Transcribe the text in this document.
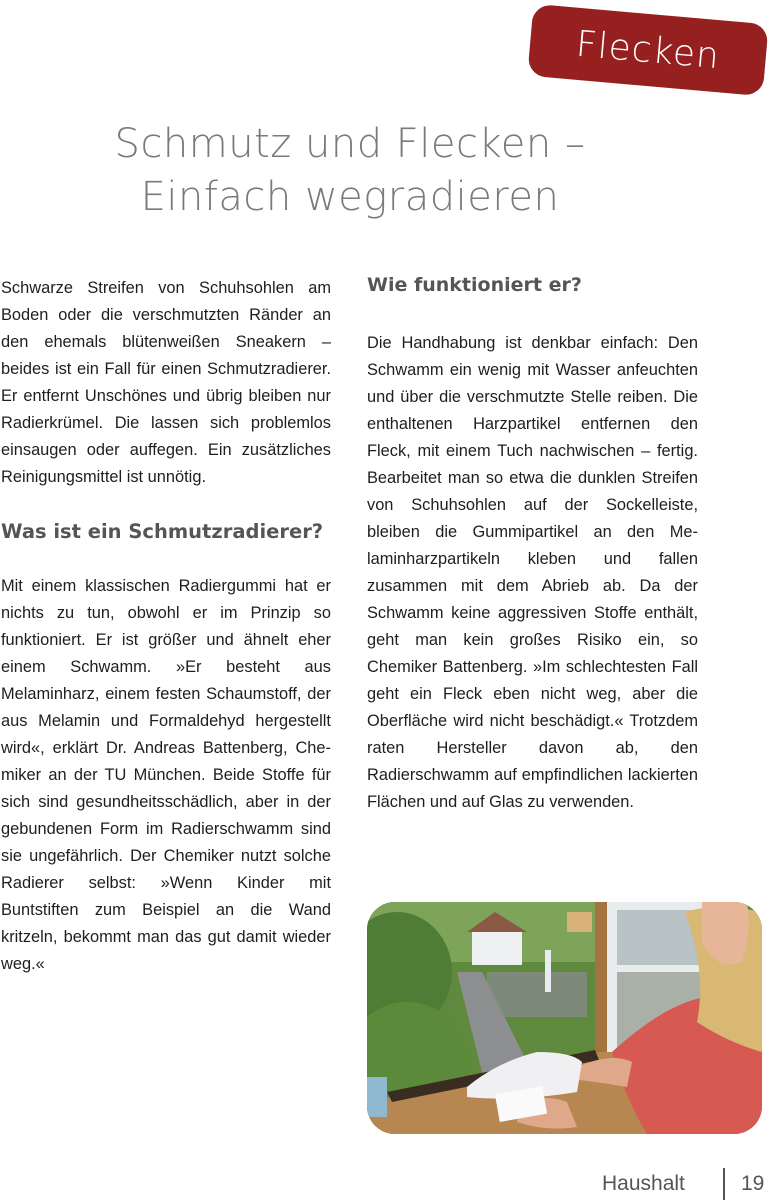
Flecken
Schmutz und Flecken –
Einfach wegradieren

Schwarze Streifen von Schuhsohlen am Boden oder die verschmutzten Ränder an den ehemals blütenweißen Sneakern – beides ist ein Fall für einen Schmutzradierer. Er entfernt Unschönes und übrig bleiben nur Radierkrümel. Die lassen sich problemlos einsaugen oder auffegen. Ein zusätzliches Reinigungsmittel ist unnötig.

Was ist ein Schmutzradierer?

Mit einem klassischen Radiergummi hat er nichts zu tun, obwohl er im Prinzip so funktioniert. Er ist größer und ähnelt eher einem Schwamm. »Er besteht aus Melaminharz, einem festen Schaumstoff, der aus Melamin und Formaldehyd hergestellt wird«, erklärt Dr. Andreas Battenberg, Chemiker an der TU München. Beide Stoffe für sich sind gesundheitsschädlich, aber in der gebundenen Form im Radierschwamm sind sie ungefährlich. Der Chemiker nutzt solche Radierer selbst: »Wenn Kinder mit Buntstiften zum Beispiel an die Wand kritzeln, bekommt man das gut damit wieder weg.«

Wie funktioniert er?

Die Handhabung ist denkbar einfach: Den Schwamm ein wenig mit Wasser anfeuchten und über die verschmutzte Stelle reiben. Die enthaltenen Harzpartikel entfernen den Fleck, mit einem Tuch nachwischen – fertig. Bearbeitet man so etwa die dunklen Streifen von Schuhsohlen auf der Sockelleiste, bleiben die Gummipartikel an den Melaminharzpartikeln kleben und fallen zusammen mit dem Abrieb ab. Da der Schwamm keine aggressiven Stoffe enthält, geht man kein großes Risiko ein, so Chemiker Battenberg. »Im schlechtesten Fall geht ein Fleck eben nicht weg, aber die Oberfläche wird nicht beschädigt.« Trotzdem raten Hersteller davon ab, den Radierschwamm auf empfindlichen lackierten Flächen und auf Glas zu verwenden.

Haushalt	19
